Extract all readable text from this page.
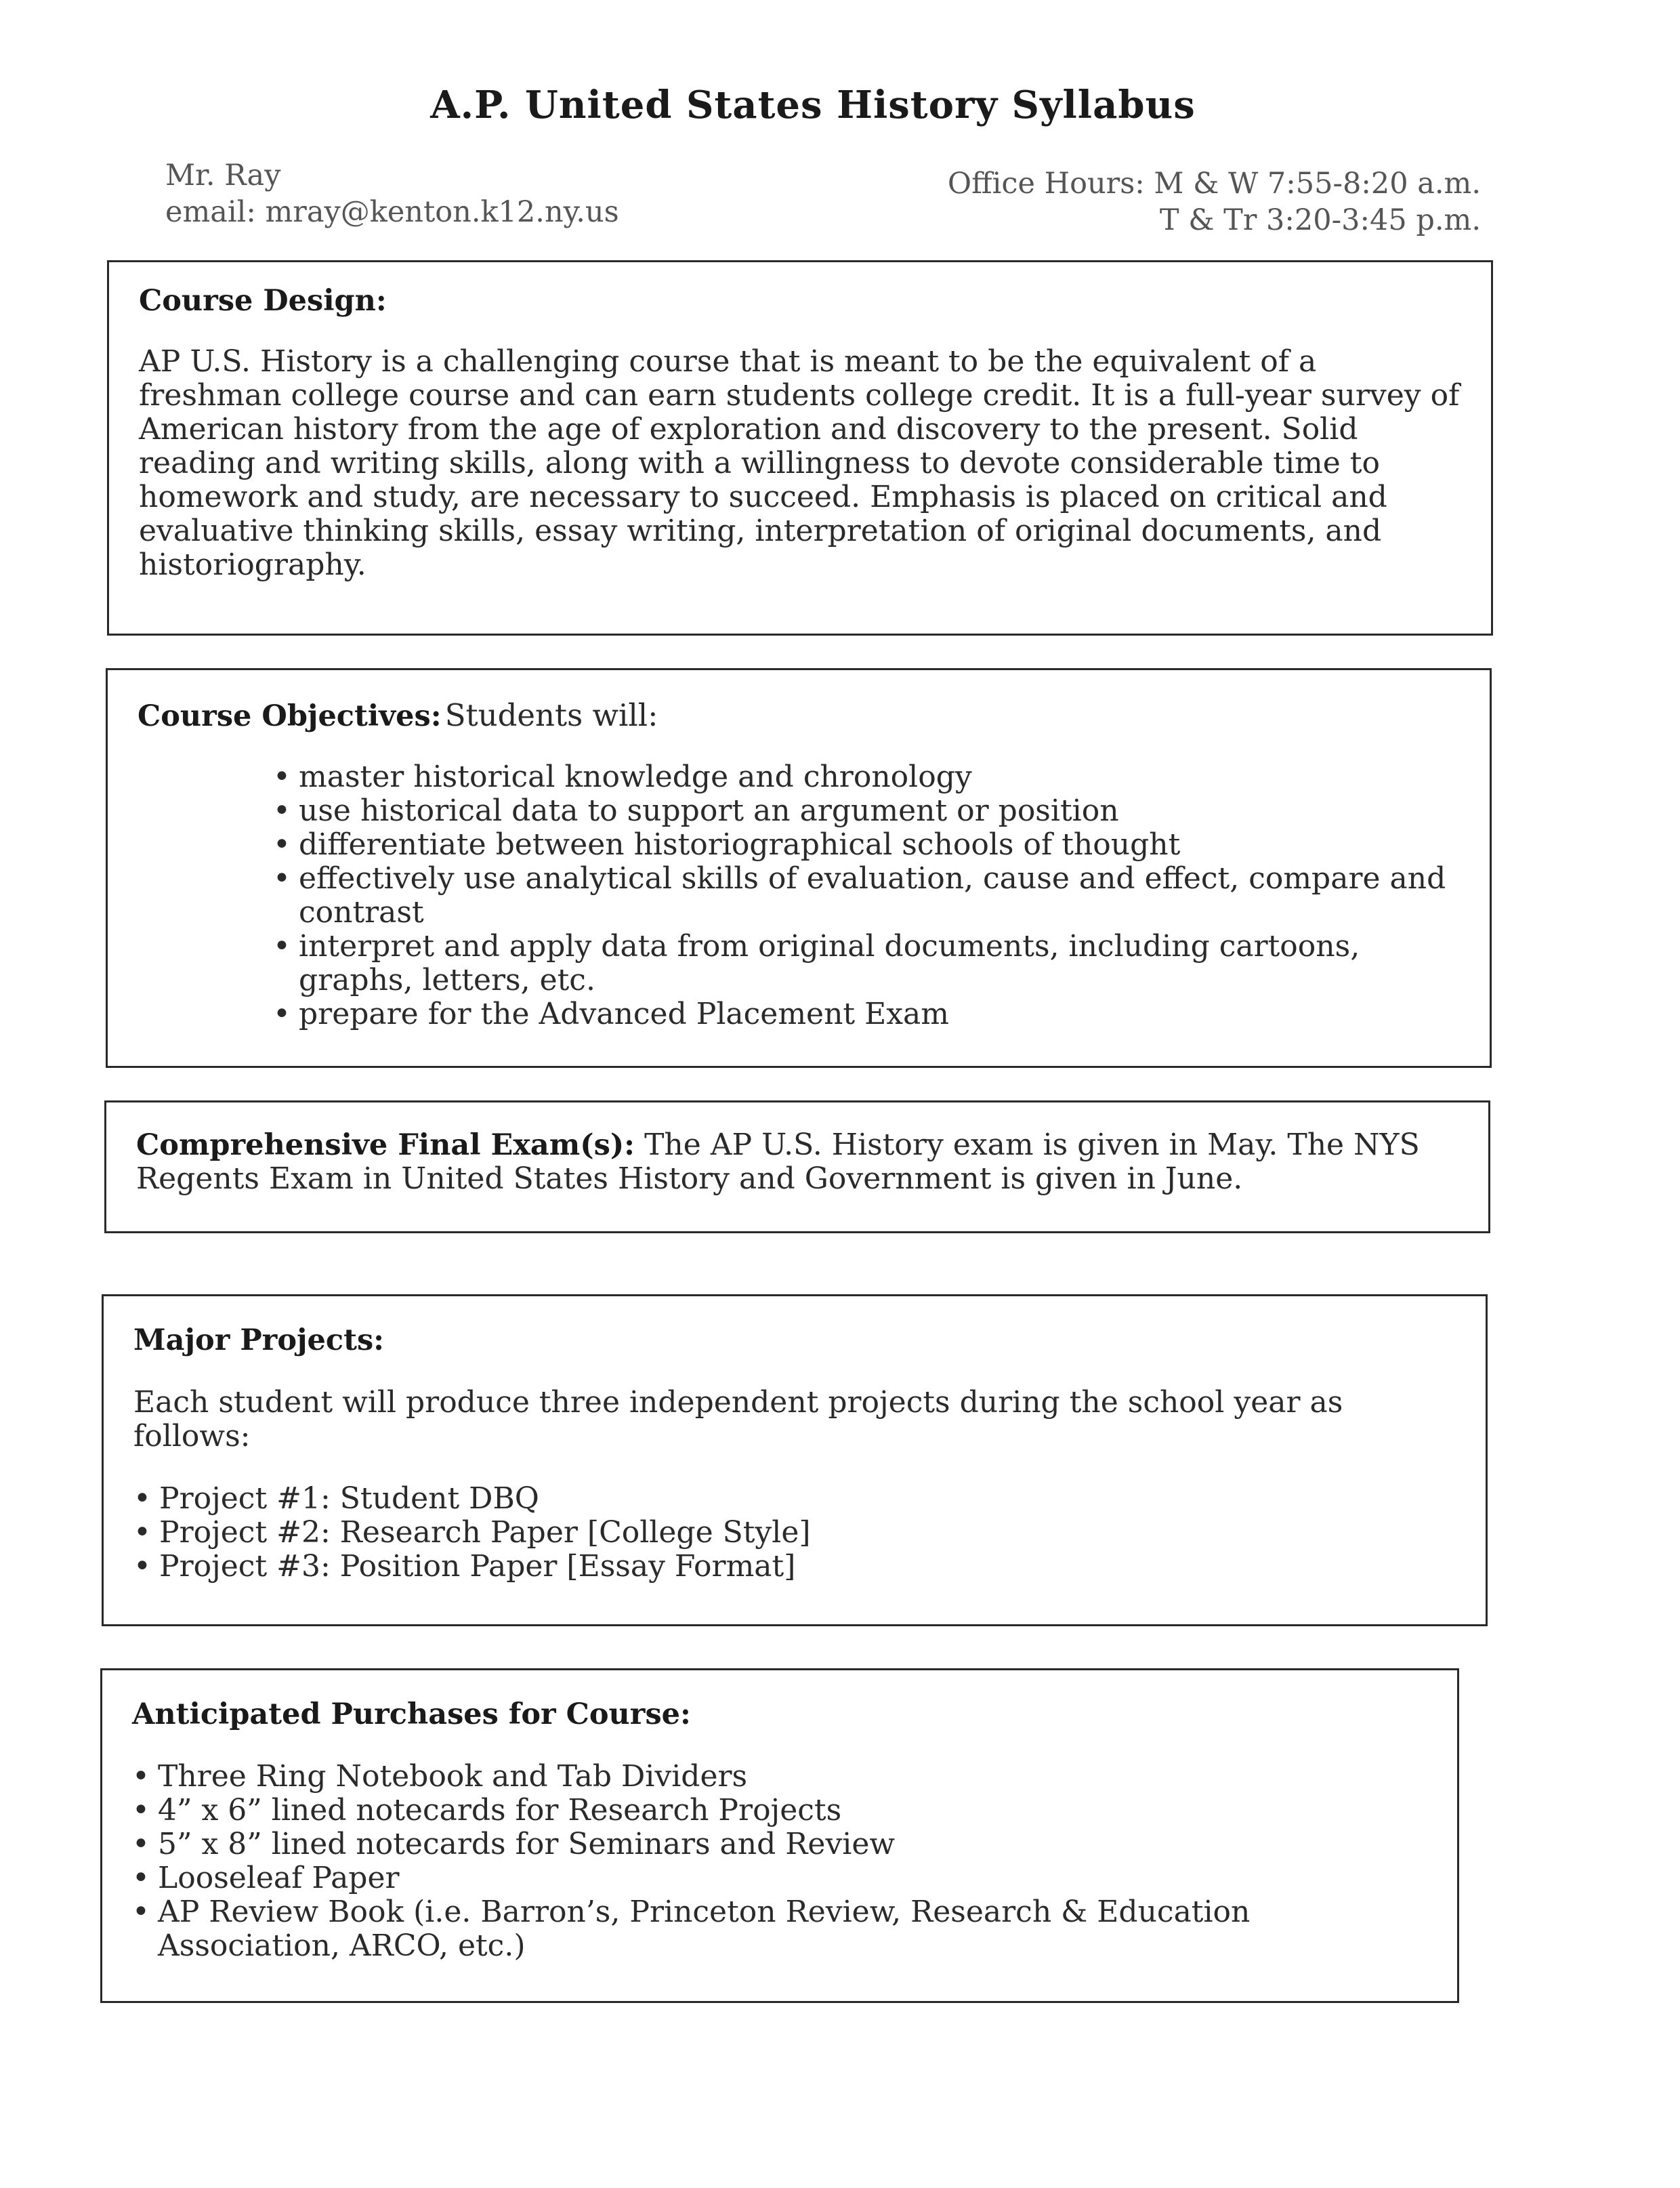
A.P. United States History Syllabus
Mr. Ray
email: mray@kenton.k12.ny.us
Office Hours: M & W 7:55-8:20 a.m.
T & Tr 3:20-3:45 p.m.
Course Design:

AP U.S. History is a challenging course that is meant to be the equivalent of a freshman college course and can earn students college credit. It is a full-year survey of American history from the age of exploration and discovery to the present. Solid reading and writing skills, along with a willingness to devote considerable time to homework and study, are necessary to succeed. Emphasis is placed on critical and evaluative thinking skills, essay writing, interpretation of original documents, and historiography.

Course Objectives: Students will:
• master historical knowledge and chronology
• use historical data to support an argument or position
• differentiate between historiographical schools of thought
• effectively use analytical skills of evaluation, cause and effect, compare and contrast
• interpret and apply data from original documents, including cartoons, graphs, letters, etc.
• prepare for the Advanced Placement Exam

Comprehensive Final Exam(s): The AP U.S. History exam is given in May. The NYS Regents Exam in United States History and Government is given in June.

Major Projects:

Each student will produce three independent projects during the school year as follows:

• Project #1: Student DBQ
• Project #2: Research Paper [College Style]
• Project #3: Position Paper [Essay Format]
Anticipated Purchases for Course:
• Three Ring Notebook and Tab Dividers
• 4” x 6” lined notecards for Research Projects
• 5” x 8” lined notecards for Seminars and Review
• Looseleaf Paper
• AP Review Book (i.e. Barron’s, Princeton Review, Research & Education Association, ARCO, etc.)
